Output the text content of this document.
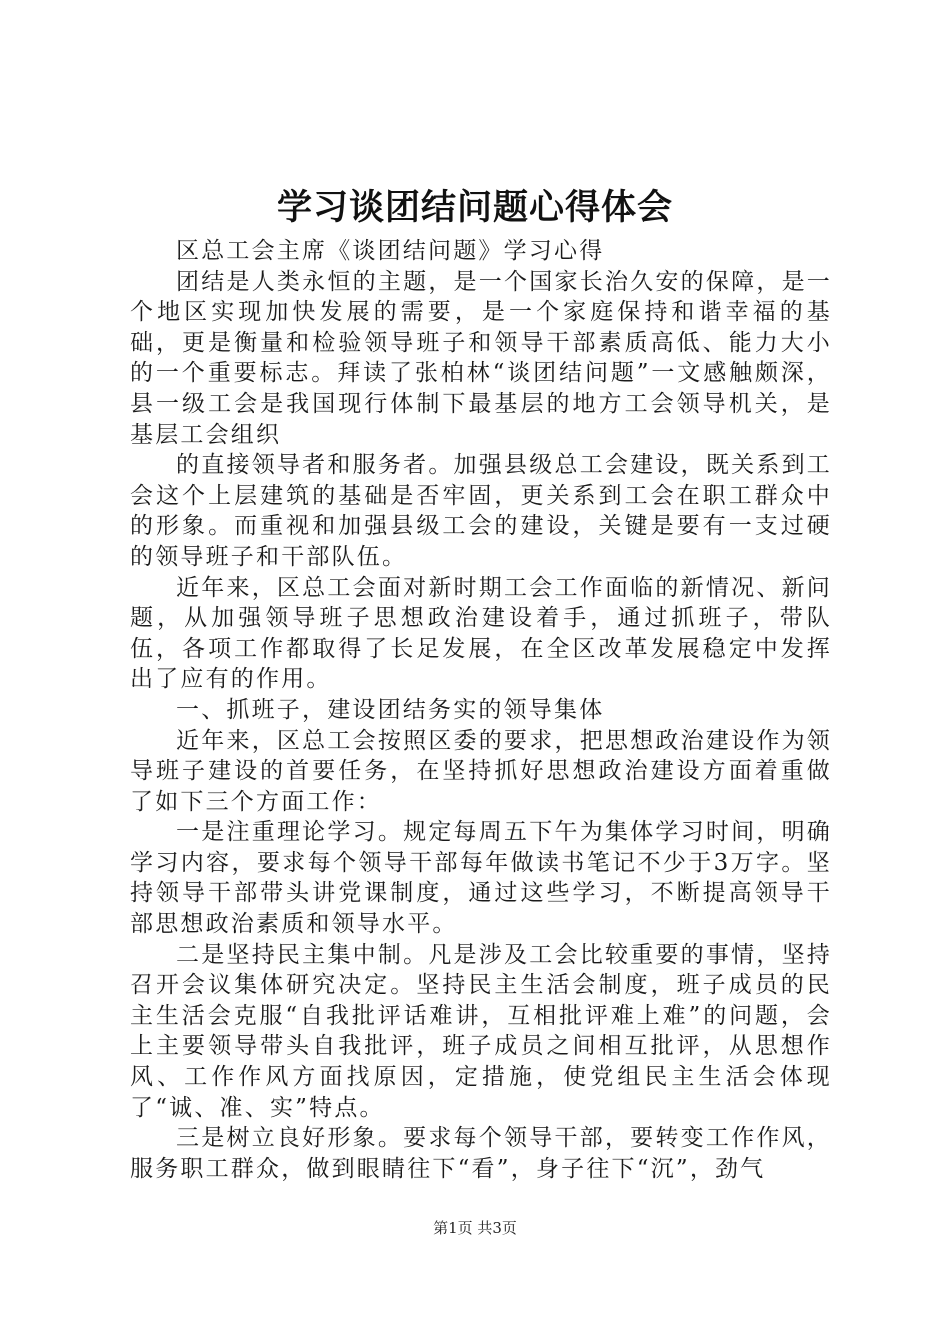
学习谈团结问题心得体会

区总工会主席《谈团结问题》学习心得

团结是人类永恒的主题，是一个国家长治久安的保障，是一个地区实现加快发展的需要，是一个家庭保持和谐幸福的基础，更是衡量和检验领导班子和领导干部素质高低、能力大小的一个重要标志。拜读了张柏林“谈团结问题”一文感触颇深，县一级工会是我国现行体制下最基层的地方工会领导机关，是基层工会组织

的直接领导者和服务者。加强县级总工会建设，既关系到工会这个上层建筑的基础是否牢固，更关系到工会在职工群众中的形象。而重视和加强县级工会的建设，关键是要有一支过硬的领导班子和干部队伍。

近年来，区总工会面对新时期工会工作面临的新情况、新问题，从加强领导班子思想政治建设着手，通过抓班子，带队伍，各项工作都取得了长足发展，在全区改革发展稳定中发挥出了应有的作用。

一、抓班子，建设团结务实的领导集体

近年来，区总工会按照区委的要求，把思想政治建设作为领导班子建设的首要任务，在坚持抓好思想政治建设方面着重做了如下三个方面工作：

一是注重理论学习。规定每周五下午为集体学习时间，明确学习内容，要求每个领导干部每年做读书笔记不少于3万字。坚持领导干部带头讲党课制度，通过这些学习，不断提高领导干部思想政治素质和领导水平。

二是坚持民主集中制。凡是涉及工会比较重要的事情，坚持召开会议集体研究决定。坚持民主生活会制度，班子成员的民主生活会克服“自我批评话难讲，互相批评难上难”的问题，会上主要领导带头自我批评，班子成员之间相互批评，从思想作风、工作作风方面找原因，定措施，使党组民主生活会体现了“诚、准、实”特点。

三是树立良好形象。要求每个领导干部，要转变工作作风，服务职工群众，做到眼睛往下“看”，身子往下“沉”，劲气

第1页 共3页
